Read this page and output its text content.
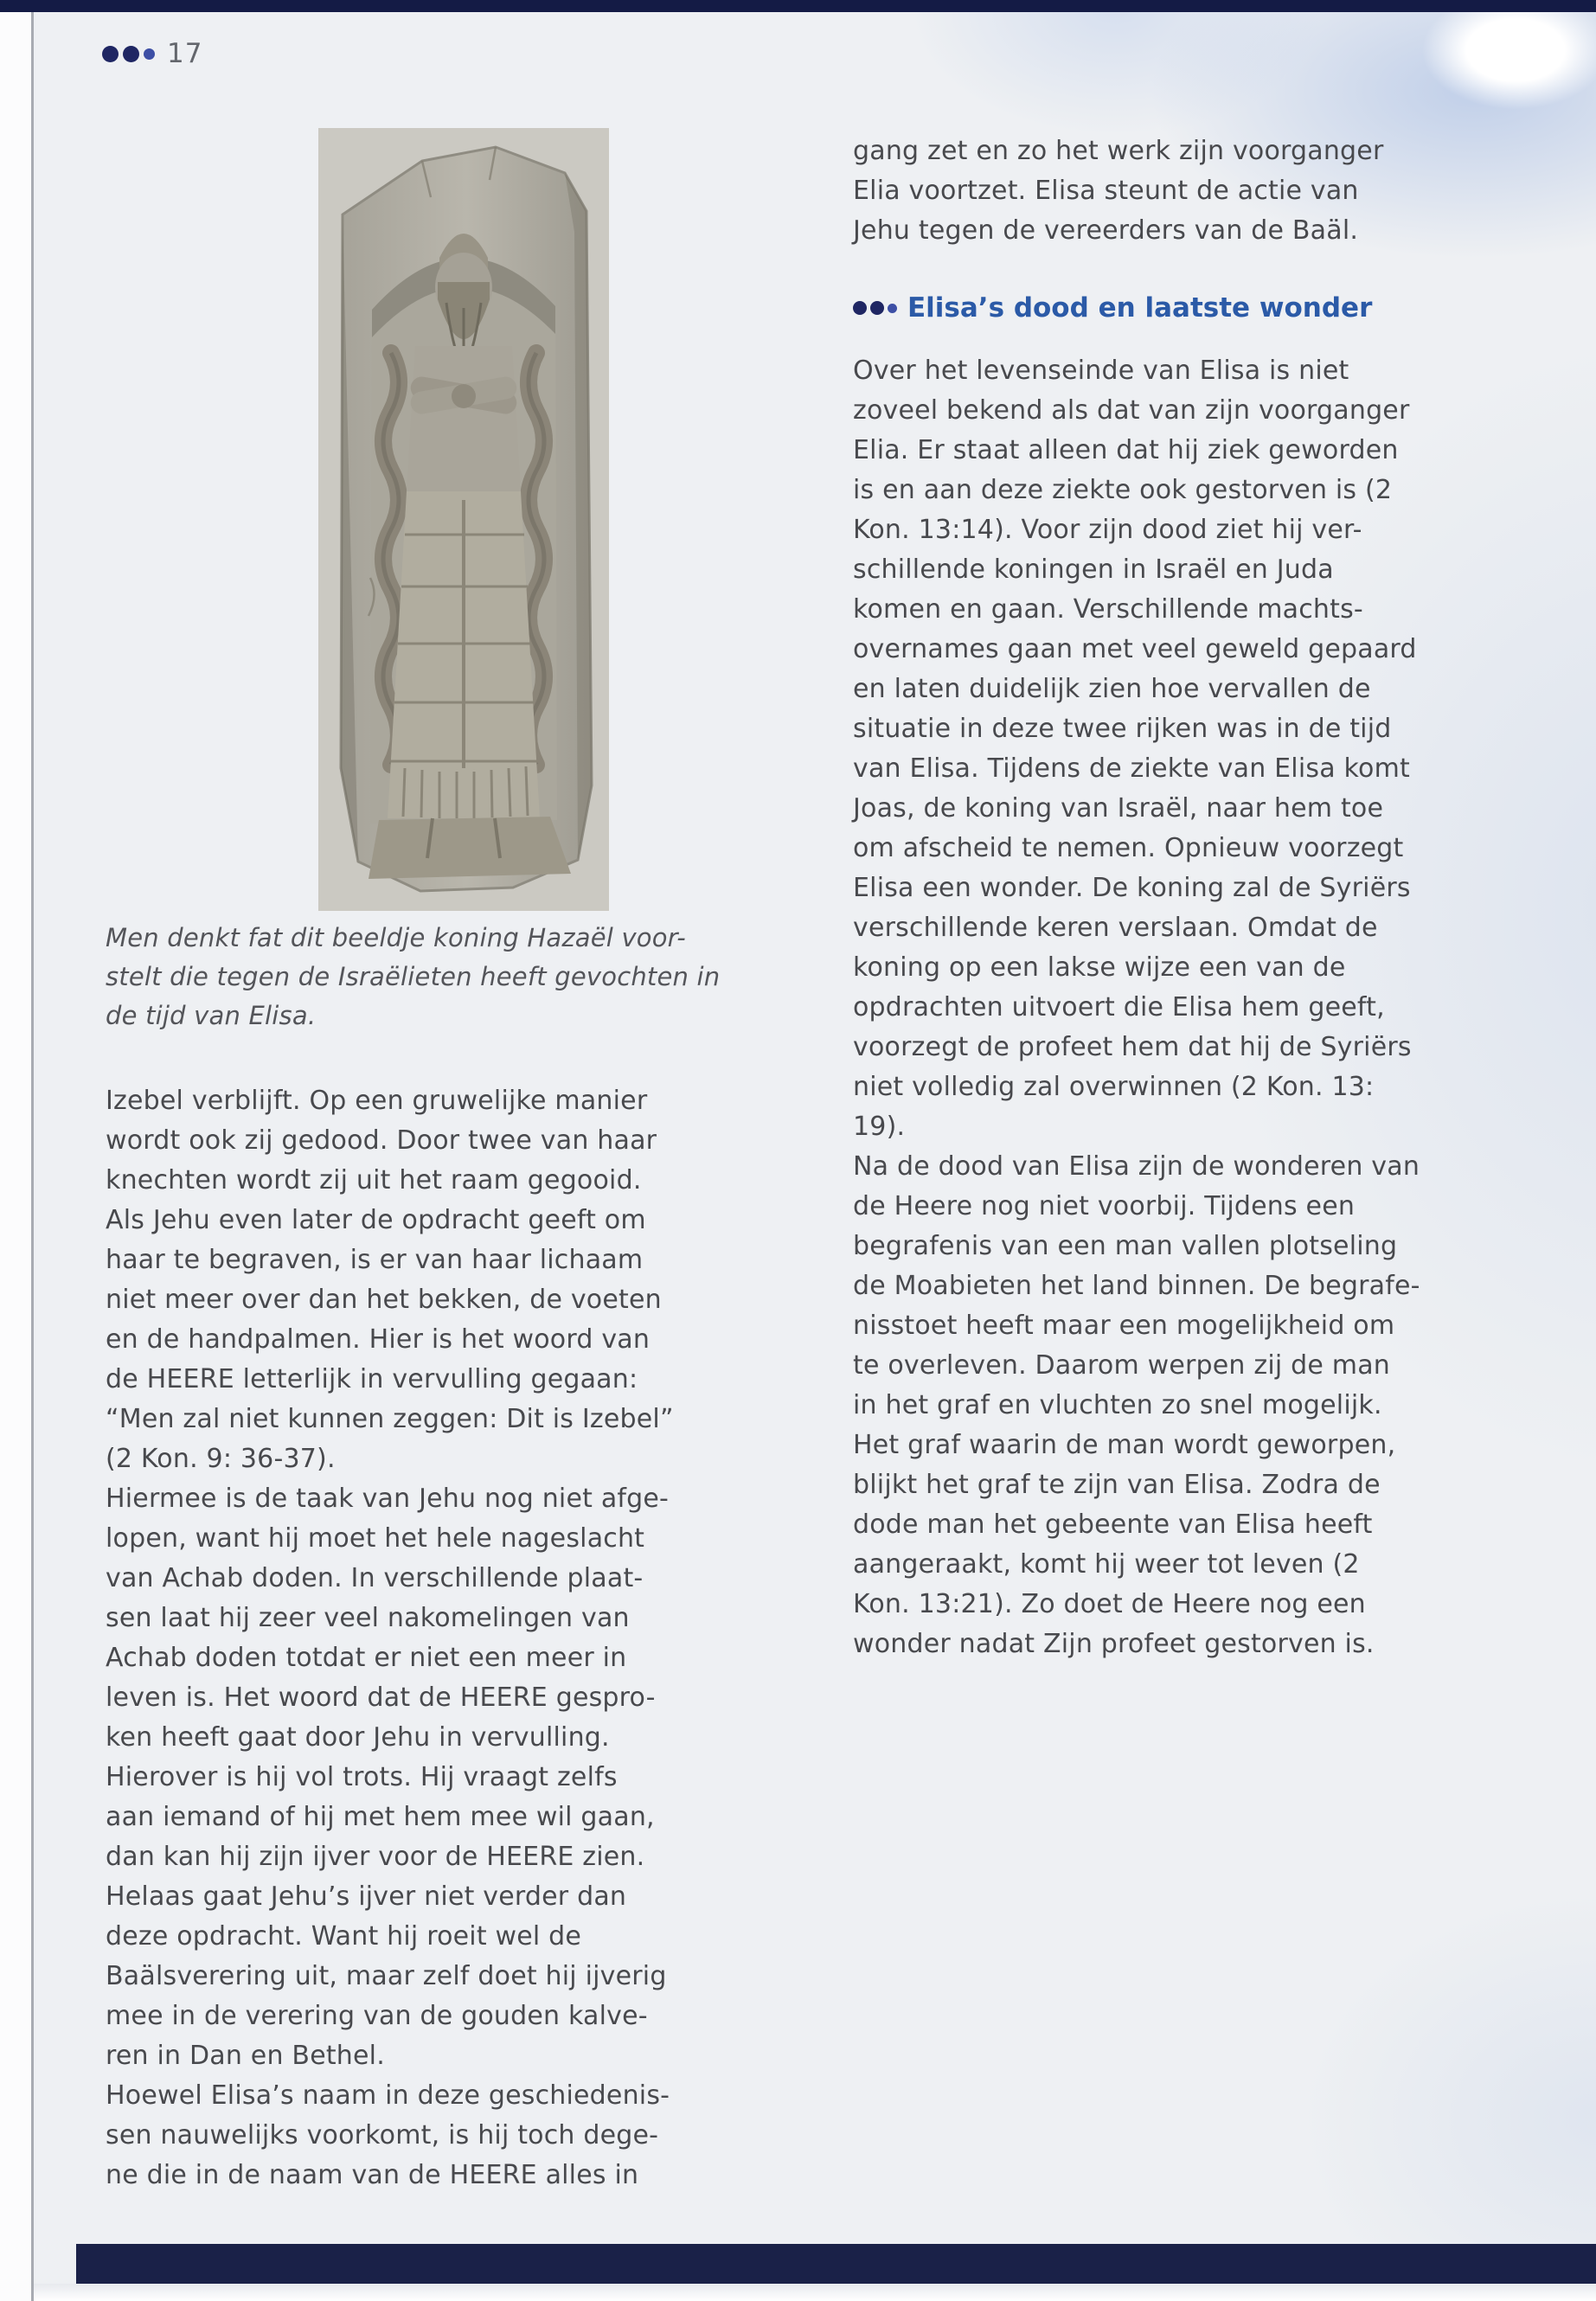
17
Men denkt fat dit beeldje koning Hazaël voor-
stelt die tegen de Israëlieten heeft gevochten in
de tijd van Elisa.
Izebel verblijft. Op een gruwelijke manier
wordt ook zij gedood. Door twee van haar
knechten wordt zij uit het raam gegooid.
Als Jehu even later de opdracht geeft om
haar te begraven, is er van haar lichaam
niet meer over dan het bekken, de voeten
en de handpalmen. Hier is het woord van
de HEERE letterlijk in vervulling gegaan:
“Men zal niet kunnen zeggen: Dit is Izebel”
(2 Kon. 9: 36-37).
Hiermee is de taak van Jehu nog niet afge-
lopen, want hij moet het hele nageslacht
van Achab doden. In verschillende plaat-
sen laat hij zeer veel nakomelingen van
Achab doden totdat er niet een meer in
leven is. Het woord dat de HEERE gespro-
ken heeft gaat door Jehu in vervulling.
Hierover is hij vol trots. Hij vraagt zelfs
aan iemand of hij met hem mee wil gaan,
dan kan hij zijn ijver voor de HEERE zien.
Helaas gaat Jehu’s ijver niet verder dan
deze opdracht. Want hij roeit wel de
Baälsverering uit, maar zelf doet hij ijverig
mee in de verering van de gouden kalve-
ren in Dan en Bethel.
Hoewel Elisa’s naam in deze geschiedenis-
sen nauwelijks voorkomt, is hij toch dege-
ne die in de naam van de HEERE alles in
gang zet en zo het werk zijn voorganger
Elia voortzet. Elisa steunt de actie van
Jehu tegen de vereerders van de Baäl.
Elisa’s dood en laatste wonder
Over het levenseinde van Elisa is niet
zoveel bekend als dat van zijn voorganger
Elia. Er staat alleen dat hij ziek geworden
is en aan deze ziekte ook gestorven is (2
Kon. 13:14). Voor zijn dood ziet hij ver-
schillende koningen in Israël en Juda
komen en gaan. Verschillende machts-
overnames gaan met veel geweld gepaard
en laten duidelijk zien hoe vervallen de
situatie in deze twee rijken was in de tijd
van Elisa. Tijdens de ziekte van Elisa komt
Joas, de koning van Israël, naar hem toe
om afscheid te nemen. Opnieuw voorzegt
Elisa een wonder. De koning zal de Syriërs
verschillende keren verslaan. Omdat de
koning op een lakse wijze een van de
opdrachten uitvoert die Elisa hem geeft,
voorzegt de profeet hem dat hij de Syriërs
niet volledig zal overwinnen (2 Kon. 13:
19).
Na de dood van Elisa zijn de wonderen van
de Heere nog niet voorbij. Tijdens een
begrafenis van een man vallen plotseling
de Moabieten het land binnen. De begrafe-
nisstoet heeft maar een mogelijkheid om
te overleven. Daarom werpen zij de man
in het graf en vluchten zo snel mogelijk.
Het graf waarin de man wordt geworpen,
blijkt het graf te zijn van Elisa. Zodra de
dode man het gebeente van Elisa heeft
aangeraakt, komt hij weer tot leven (2
Kon. 13:21). Zo doet de Heere nog een
wonder nadat Zijn profeet gestorven is.
